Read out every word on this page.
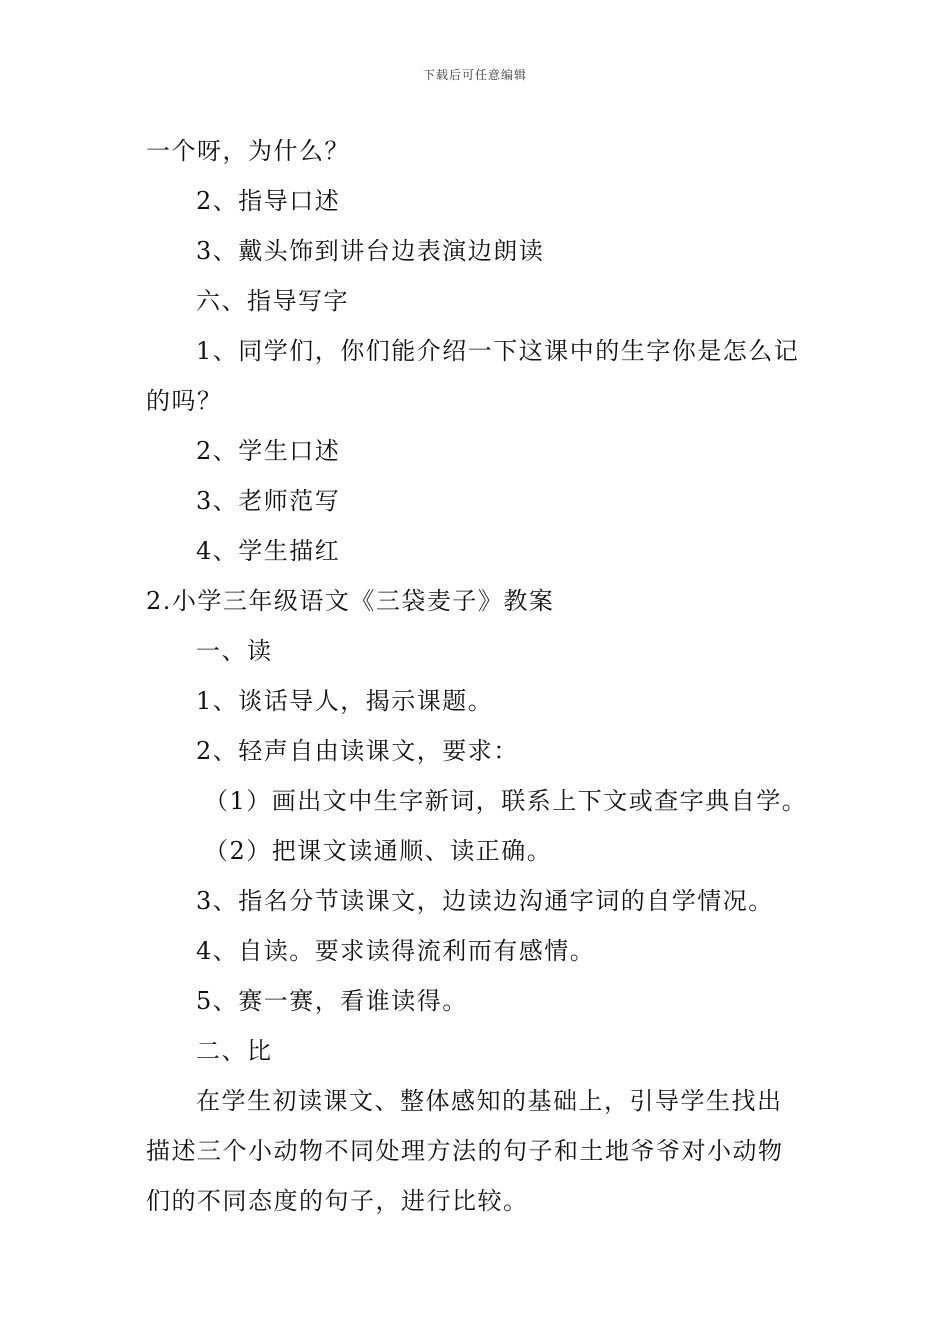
下载后可任意编辑
一个呀，为什么？
2、指导口述
3、戴头饰到讲台边表演边朗读
六、指导写字
1、同学们，你们能介绍一下这课中的生字你是怎么记
的吗？
2、学生口述
3、老师范写
4、学生描红
2.小学三年级语文《三袋麦子》教案
一、读
1、谈话导人，揭示课题。
2、轻声自由读课文，要求：
（1）画出文中生字新词，联系上下文或查字典自学。
（2）把课文读通顺、读正确。
3、指名分节读课文，边读边沟通字词的自学情况。
4、自读。要求读得流利而有感情。
5、赛一赛，看谁读得。
二、比
在学生初读课文、整体感知的基础上，引导学生找出
描述三个小动物不同处理方法的句子和土地爷爷对小动物
们的不同态度的句子，进行比较。
